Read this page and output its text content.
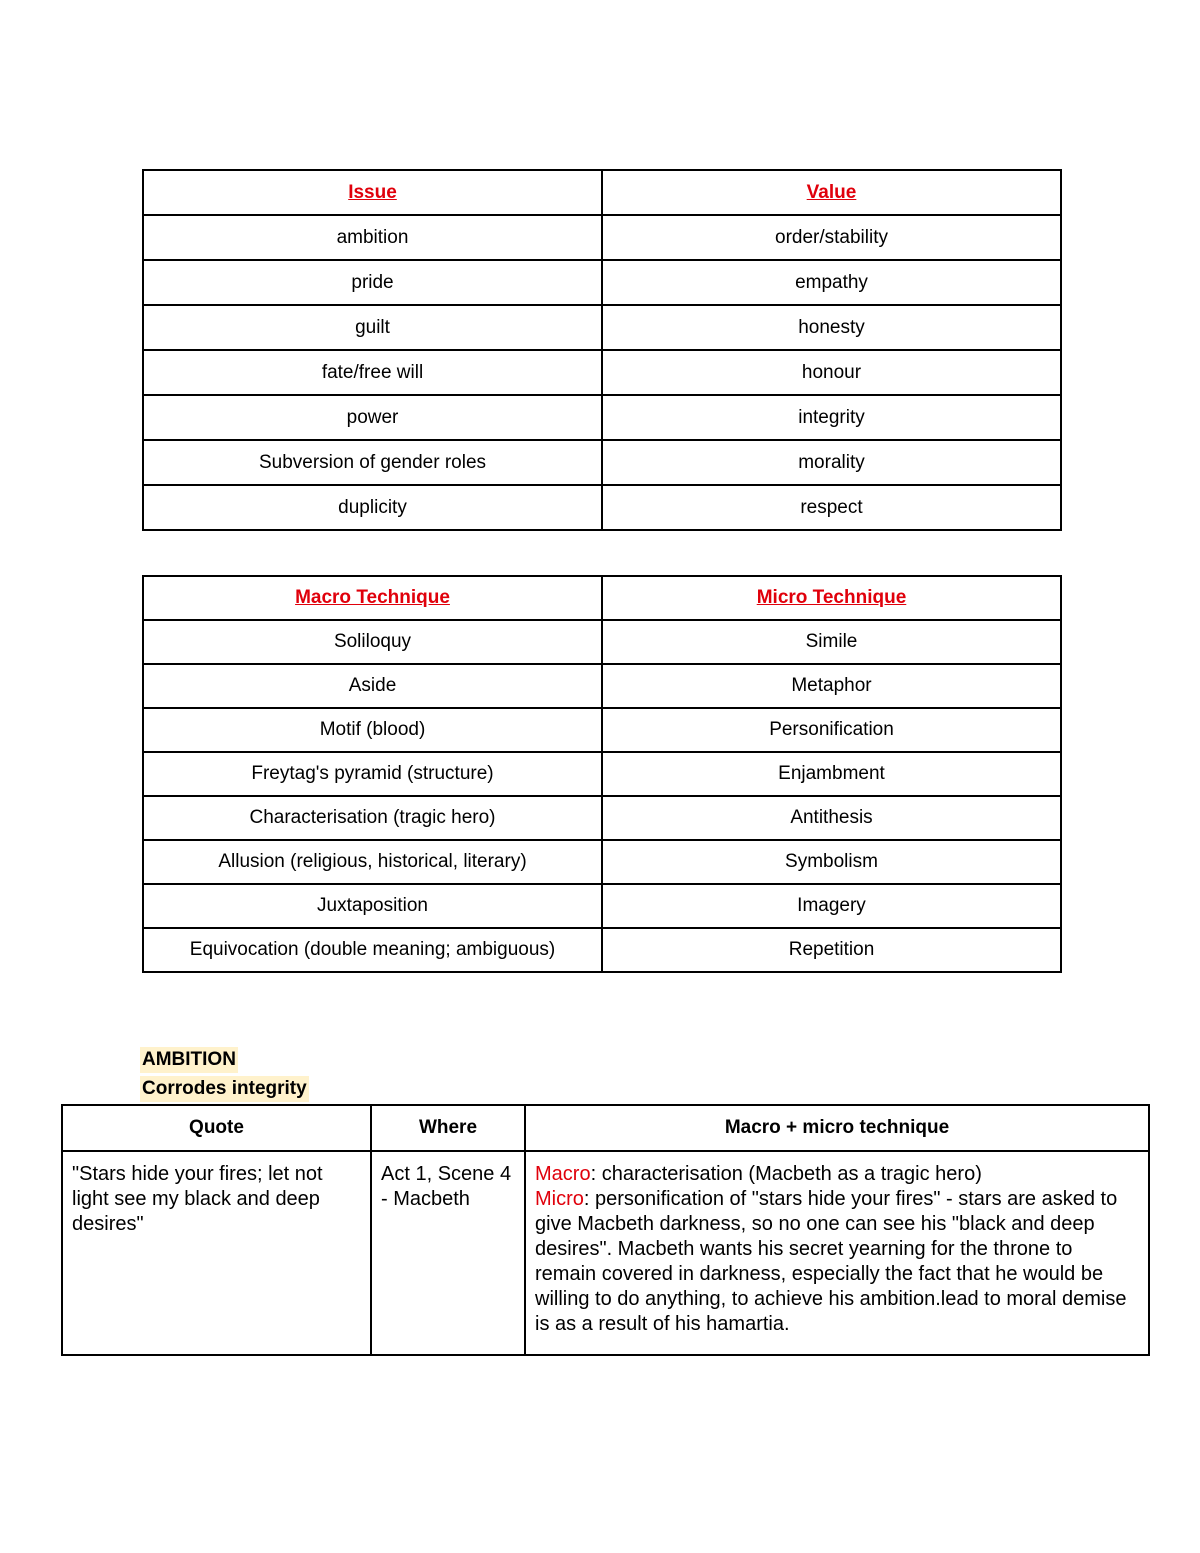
Issue	Value
ambition	order/stability
pride	empathy
guilt	honesty
fate/free will	honour
power	integrity
Subversion of gender roles	morality
duplicity	respect
Macro Technique	Micro Technique
Soliloquy	Simile
Aside	Metaphor
Motif (blood)	Personification
Freytag's pyramid (structure)	Enjambment
Characterisation (tragic hero)	Antithesis
Allusion (religious, historical, literary)	Symbolism
Juxtaposition	Imagery
Equivocation (double meaning; ambiguous)	Repetition
AMBITION
Corrodes integrity
Quote	Where	Macro + micro technique
"Stars hide your fires; let not light see my black and deep desires"	Act 1, Scene 4 - Macbeth	Macro: characterisation (Macbeth as a tragic hero)
Micro: personification of "stars hide your fires" - stars are asked to give Macbeth darkness, so no one can see his "black and deep desires". Macbeth wants his secret yearning for the throne to remain covered in darkness, especially the fact that he would be willing to do anything, to achieve his ambition.lead to moral demise is as a result of his hamartia.
